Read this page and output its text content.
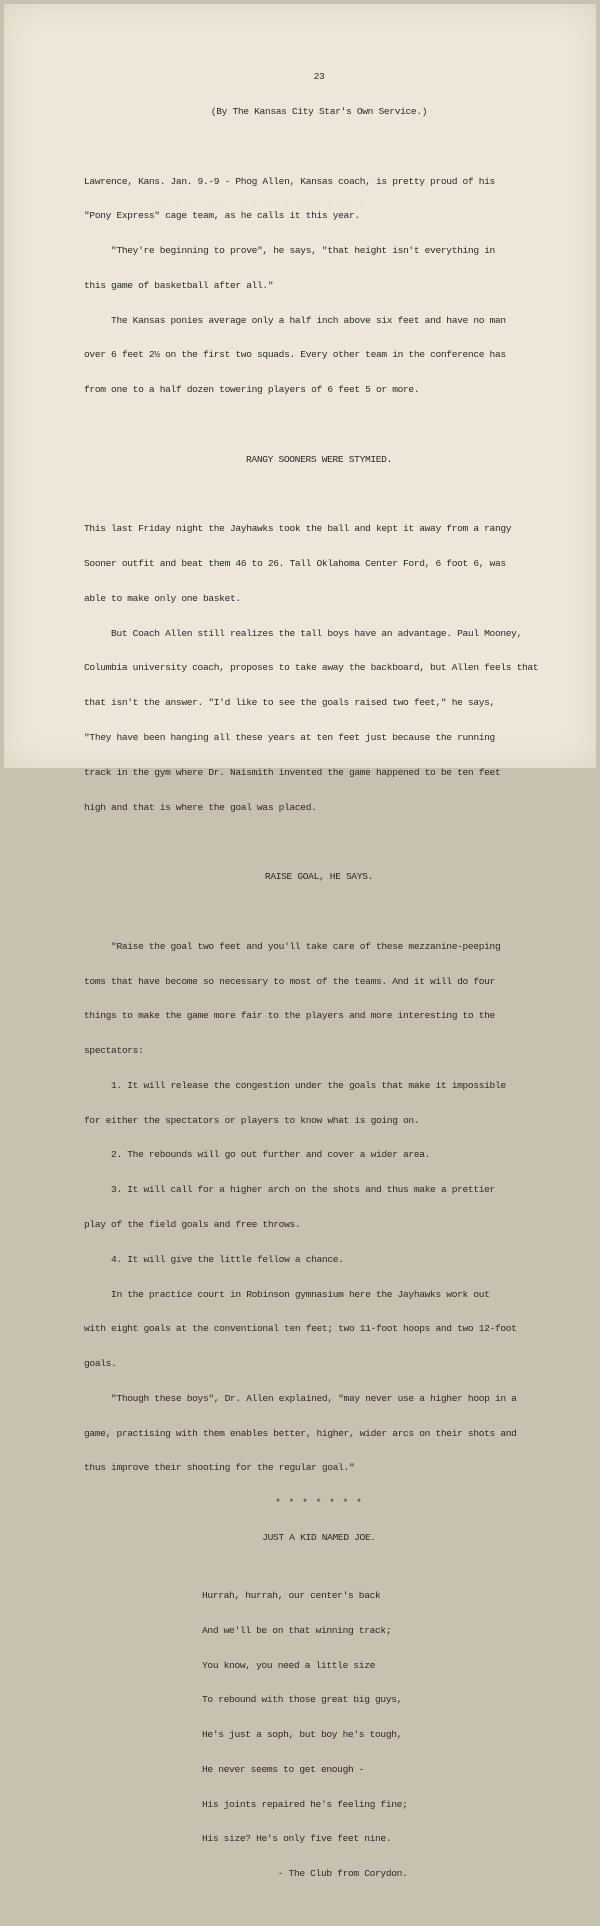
. . . . . . . . . . . . . . . . . . . .

23

(By The Kansas City Star's Own Service.)

Lawrence, Kans. Jan. 9.-9 - Phog Allen, Kansas coach, is pretty proud of his

"Pony Express" cage team, as he calls it this year.

"They're beginning to prove", he says, "that height isn't everything in

this game of basketball after all."

The Kansas ponies average only a half inch above six feet and have no man

over 6 feet 2½ on the first two squads. Every other team in the conference has

from one to a half dozen towering players of 6 feet 5 or more.

RANGY SOONERS WERE STYMIED.

This last Friday night the Jayhawks took the ball and kept it away from a rangy

Sooner outfit and beat them 46 to 26. Tall Oklahoma Center Ford, 6 foot 6, was

able to make only one basket.

But Coach Allen still realizes the tall boys have an advantage. Paul Mooney,

Columbia university coach, proposes to take away the backboard, but Allen feels that

that isn't the answer. "I'd like to see the goals raised two feet," he says,

"They have been hanging all these years at ten feet just because the running

track in the gym where Dr. Naismith invented the game happened to be ten feet

high and that is where the goal was placed.

RAISE GOAL, HE SAYS.

"Raise the goal two feet and you'll take care of these mezzanine-peeping

toms that have become so necessary to most of the teams. And it will do four

things to make the game more fair to the players and more interesting to the

spectators:

1. It will release the congestion under the goals that make it impossible

for either the spectators or players to know what is going on.

2. The rebounds will go out further and cover a wider area.

3. It will call for a higher arch on the shots and thus make a prettier

play of the field goals and free throws.

4. It will give the little fellow a chance.

In the practice court in Robinson gymnasium here the Jayhawks work out

with eight goals at the conventional ten feet; two 11-foot hoops and two 12-foot

goals.

"Though these boys", Dr. Allen explained, "may never use a higher hoop in a

game, practising with them enables better, higher, wider arcs on their shots and

thus improve their shooting for the regular goal."

* * * * * * *

JUST A KID NAMED JOE.

Hurrah, hurrah, our center's back

And we'll be on that winning track;

You know, you need a little size

To rebound with those great big guys,

He's just a soph, but boy he's tough,

He never seems to get enough -

His joints repaired he's feeling fine;

His size? He's only five feet nine.

- The Club from Corydon.
